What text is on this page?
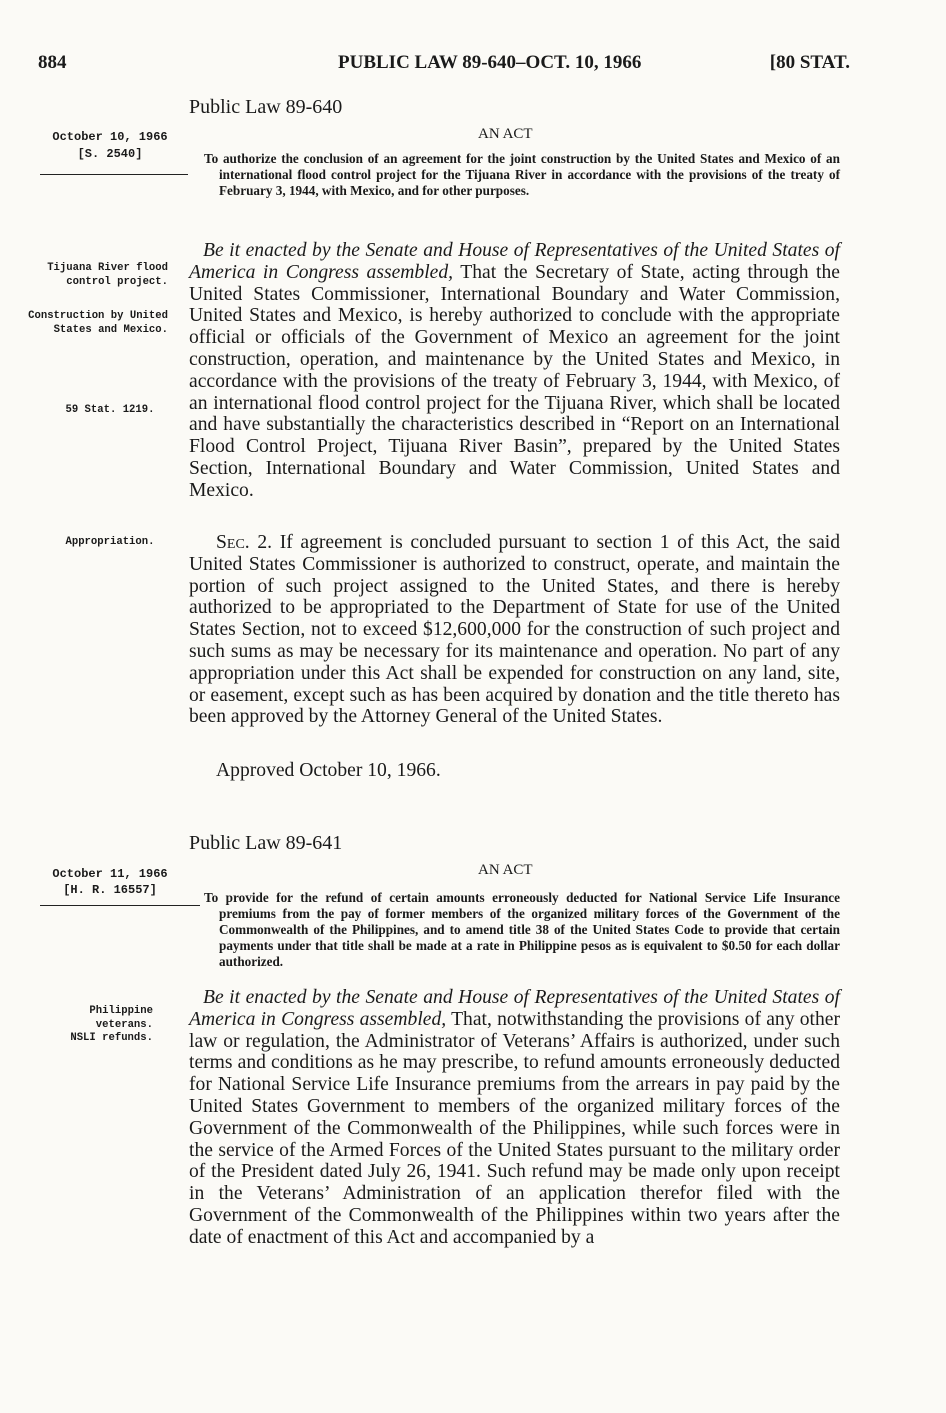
884	PUBLIC LAW 89-640–OCT. 10, 1966	[80 STAT.
Public Law 89-640
AN ACT
October 10, 1966
[S. 2540]	To authorize the conclusion of an agreement for the joint construction by the United States and Mexico of an international flood control project for the Tijuana River in accordance with the provisions of the treaty of February 3, 1944, with Mexico, and for other purposes.
Be it enacted by the Senate and House of Representatives of the United States of America in Congress assembled, That the Secretary of State, acting through the United States Commissioner, International Boundary and Water Commission, United States and Mexico, is hereby authorized to conclude with the appropriate official or officials of the Government of Mexico an agreement for the joint construction, operation, and maintenance by the United States and Mexico, in accordance with the provisions of the treaty of February 3, 1944, with Mexico, of an international flood control project for the Tijuana River, which shall be located and have substantially the characteristics described in “Report on an International Flood Control Project, Tijuana River Basin”, prepared by the United States Section, International Boundary and Water Commission, United States and Mexico.
Tijuana River flood control project.
Construction by United States and Mexico.
59 Stat. 1219.
Appropriation.	Sec. 2. If agreement is concluded pursuant to section 1 of this Act, the said United States Commissioner is authorized to construct, operate, and maintain the portion of such project assigned to the United States, and there is hereby authorized to be appropriated to the Department of State for use of the United States Section, not to exceed $12,600,000 for the construction of such project and such sums as may be necessary for its maintenance and operation. No part of any appropriation under this Act shall be expended for construction on any land, site, or easement, except such as has been acquired by donation and the title thereto has been approved by the Attorney General of the United States.
Approved October 10, 1966.
Public Law 89-641
AN ACT
October 11, 1966
[H. R. 16557]	To provide for the refund of certain amounts erroneously deducted for National Service Life Insurance premiums from the pay of former members of the organized military forces of the Government of the Commonwealth of the Philippines, and to amend title 38 of the United States Code to provide that certain payments under that title shall be made at a rate in Philippine pesos as is equivalent to $0.50 for each dollar authorized.
Be it enacted by the Senate and House of Representatives of the United States of America in Congress assembled, That, notwithstanding the provisions of any other law or regulation, the Administrator of Veterans’ Affairs is authorized, under such terms and conditions as he may prescribe, to refund amounts erroneously deducted for National Service Life Insurance premiums from the arrears in pay paid by the United States Government to members of the organized military forces of the Government of the Commonwealth of the Philippines, while such forces were in the service of the Armed Forces of the United States pursuant to the military order of the President dated July 26, 1941. Such refund may be made only upon receipt in the Veterans’ Administration of an application therefor filed with the Government of the Commonwealth of the Philippines within two years after the date of enactment of this Act and accompanied by a
Philippine veterans.
NSLI refunds.
